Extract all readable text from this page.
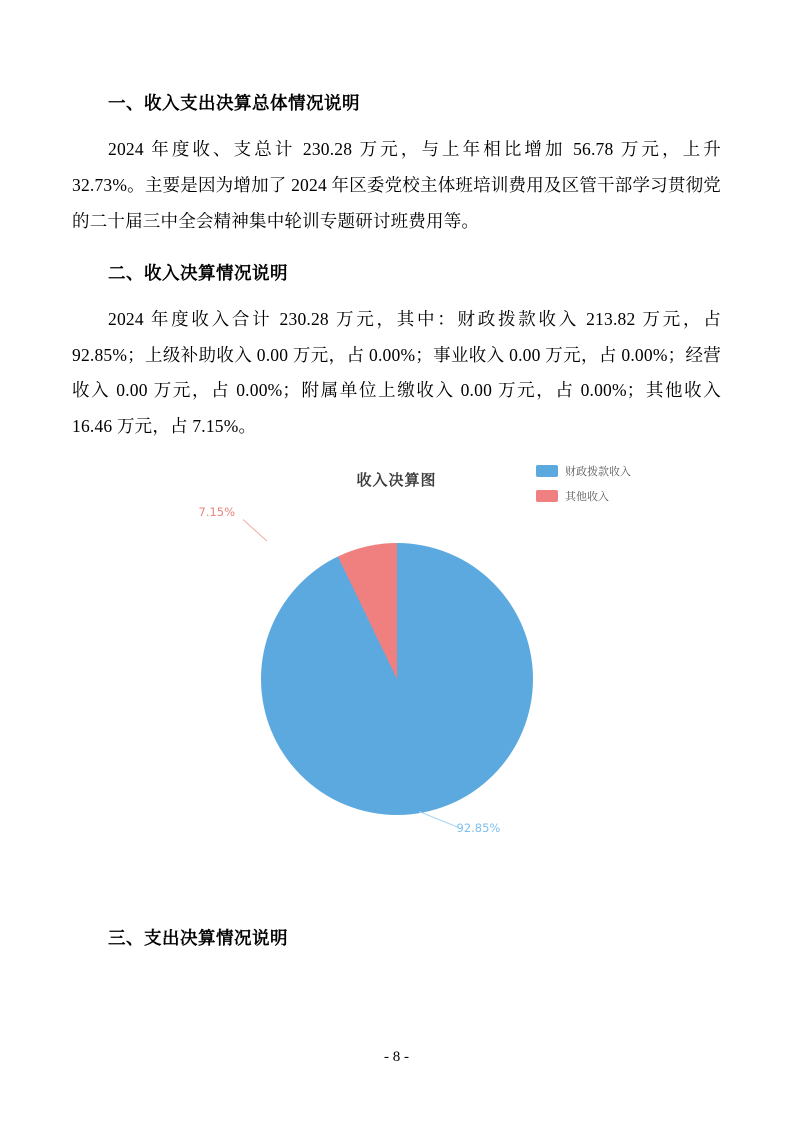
一、收入支出决算总体情况说明

2024 年度收、支总计 230.28 万元，与上年相比增加 56.78 万元，上升 32.73%。主要是因为增加了 2024 年区委党校主体班培训费用及区管干部学习贯彻党的二十届三中全会精神集中轮训专题研讨班费用等。

二、收入决算情况说明

2024 年度收入合计 230.28 万元，其中：财政拨款收入 213.82 万元，占 92.85%；上级补助收入 0.00 万元，占 0.00%；事业收入 0.00 万元，占 0.00%；经营收入 0.00 万元，占 0.00%；附属单位上缴收入 0.00 万元，占 0.00%；其他收入 16.46 万元，占 7.15%。

收入决算图	财政拨款收入
其他收入
7.15%
92.85%
三、支出决算情况说明
- 8 -
